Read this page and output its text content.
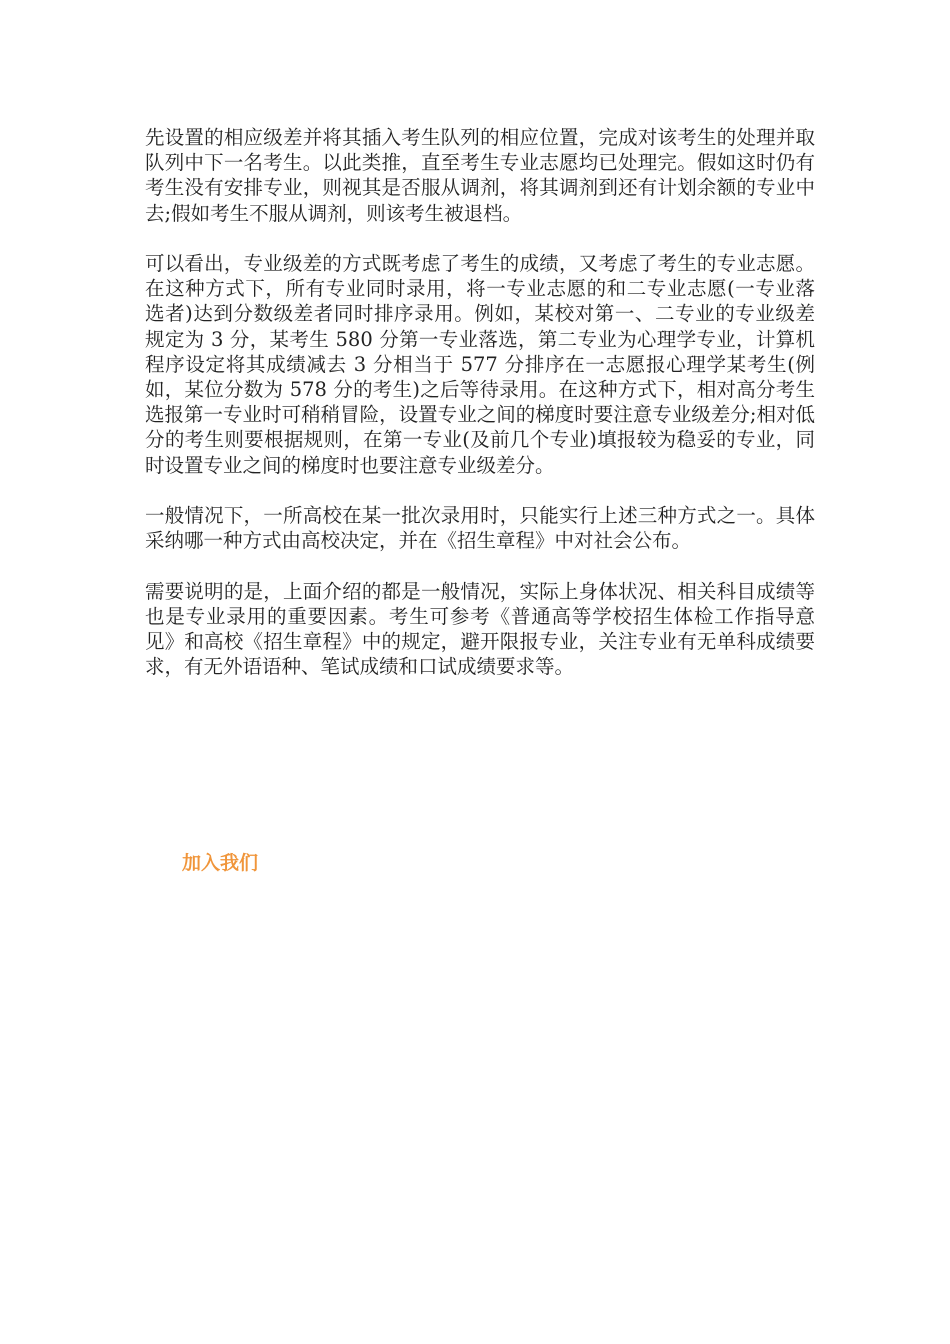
先设置的相应级差并将其插入考生队列的相应位置，完成对该考生的处理并取队列中下一名考生。以此类推，直至考生专业志愿均已处理完。假如这时仍有考生没有安排专业，则视其是否服从调剂，将其调剂到还有计划余额的专业中去;假如考生不服从调剂，则该考生被退档。

可以看出，专业级差的方式既考虑了考生的成绩，又考虑了考生的专业志愿。在这种方式下，所有专业同时录用，将一专业志愿的和二专业志愿(一专业落选者)达到分数级差者同时排序录用。例如，某校对第一、二专业的专业级差规定为 3 分，某考生 580 分第一专业落选，第二专业为心理学专业，计算机程序设定将其成绩减去 3 分相当于 577 分排序在一志愿报心理学某考生(例如，某位分数为 578 分的考生)之后等待录用。在这种方式下，相对高分考生选报第一专业时可稍稍冒险，设置专业之间的梯度时要注意专业级差分;相对低分的考生则要根据规则，在第一专业(及前几个专业)填报较为稳妥的专业，同时设置专业之间的梯度时也要注意专业级差分。

一般情况下，一所高校在某一批次录用时，只能实行上述三种方式之一。具体采纳哪一种方式由高校决定，并在《招生章程》中对社会公布。

需要说明的是，上面介绍的都是一般情况，实际上身体状况、相关科目成绩等也是专业录用的重要因素。考生可参考《普通高等学校招生体检工作指导意见》和高校《招生章程》中的规定，避开限报专业，关注专业有无单科成绩要求，有无外语语种、笔试成绩和口试成绩要求等。

加入我们
